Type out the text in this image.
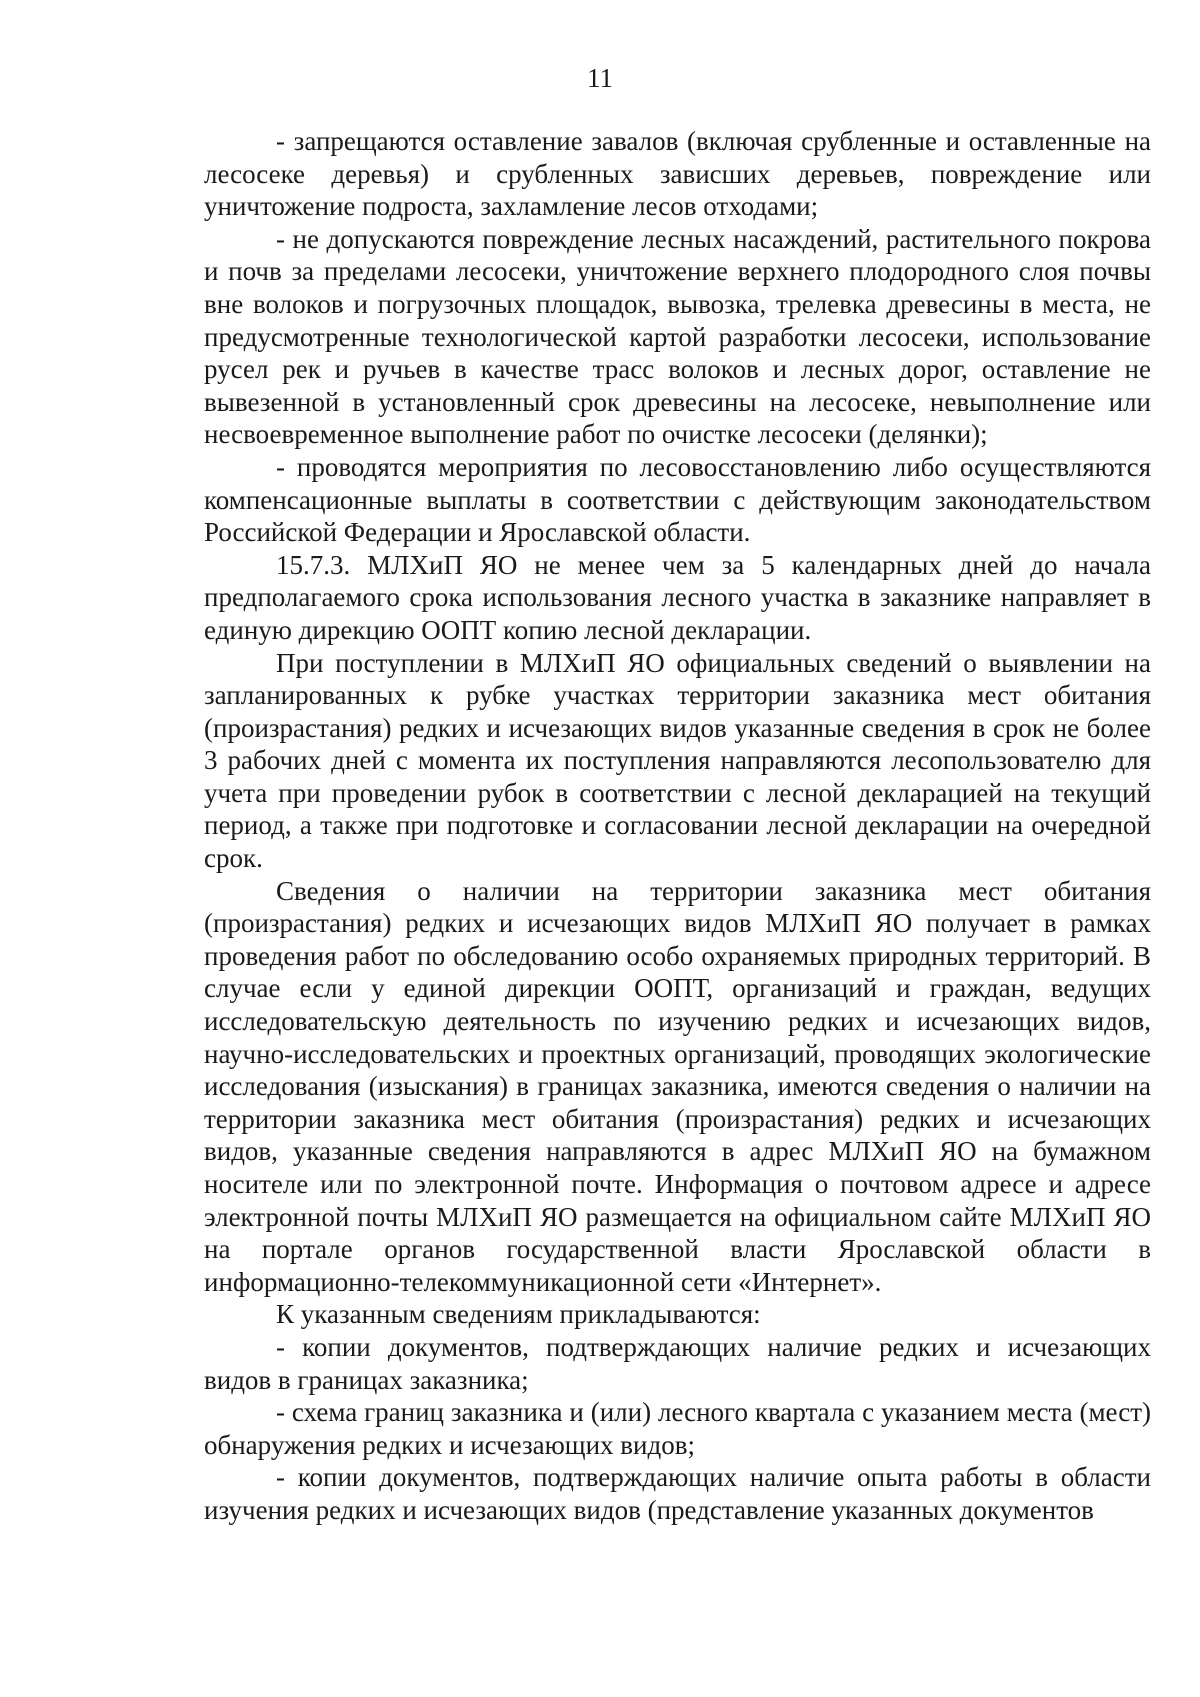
11

- запрещаются оставление завалов (включая срубленные и оставленные на лесосеке деревья) и срубленных зависших деревьев, повреждение или уничтожение подроста, захламление лесов отходами;

- не допускаются повреждение лесных насаждений, растительного покрова и почв за пределами лесосеки, уничтожение верхнего плодородного слоя почвы вне волоков и погрузочных площадок, вывозка, трелевка древесины в места, не предусмотренные технологической картой разработки лесосеки, использование русел рек и ручьев в качестве трасс волоков и лесных дорог, оставление не вывезенной в установленный срок древесины на лесосеке, невыполнение или несвоевременное выполнение работ по очистке лесосеки (делянки);

- проводятся мероприятия по лесовосстановлению либо осуществляются компенсационные выплаты в соответствии с действующим законодательством Российской Федерации и Ярославской области.

15.7.3. МЛХиП ЯО не менее чем за 5 календарных дней до начала предполагаемого срока использования лесного участка в заказнике направляет в единую дирекцию ООПТ копию лесной декларации.

При поступлении в МЛХиП ЯО официальных сведений о выявлении на запланированных к рубке участках территории заказника мест обитания (произрастания) редких и исчезающих видов указанные сведения в срок не более 3 рабочих дней с момента их поступления направляются лесопользователю для учета при проведении рубок в соответствии с лесной декларацией на текущий период, а также при подготовке и согласовании лесной декларации на очередной срок.

Сведения о наличии на территории заказника мест обитания (произрастания) редких и исчезающих видов МЛХиП ЯО получает в рамках проведения работ по обследованию особо охраняемых природных территорий. В случае если у единой дирекции ООПТ, организаций и граждан, ведущих исследовательскую деятельность по изучению редких и исчезающих видов, научно-исследовательских и проектных организаций, проводящих экологические исследования (изыскания) в границах заказника, имеются сведения о наличии на территории заказника мест обитания (произрастания) редких и исчезающих видов, указанные сведения направляются в адрес МЛХиП ЯО на бумажном носителе или по электронной почте. Информация о почтовом адресе и адресе электронной почты МЛХиП ЯО размещается на официальном сайте МЛХиП ЯО на портале органов государственной власти Ярославской области в информационно-телекоммуникационной сети «Интернет».

К указанным сведениям прикладываются:

- копии документов, подтверждающих наличие редких и исчезающих видов в границах заказника;

- схема границ заказника и (или) лесного квартала с указанием места (мест) обнаружения редких и исчезающих видов;

- копии документов, подтверждающих наличие опыта работы в области изучения редких и исчезающих видов (представление указанных документов
